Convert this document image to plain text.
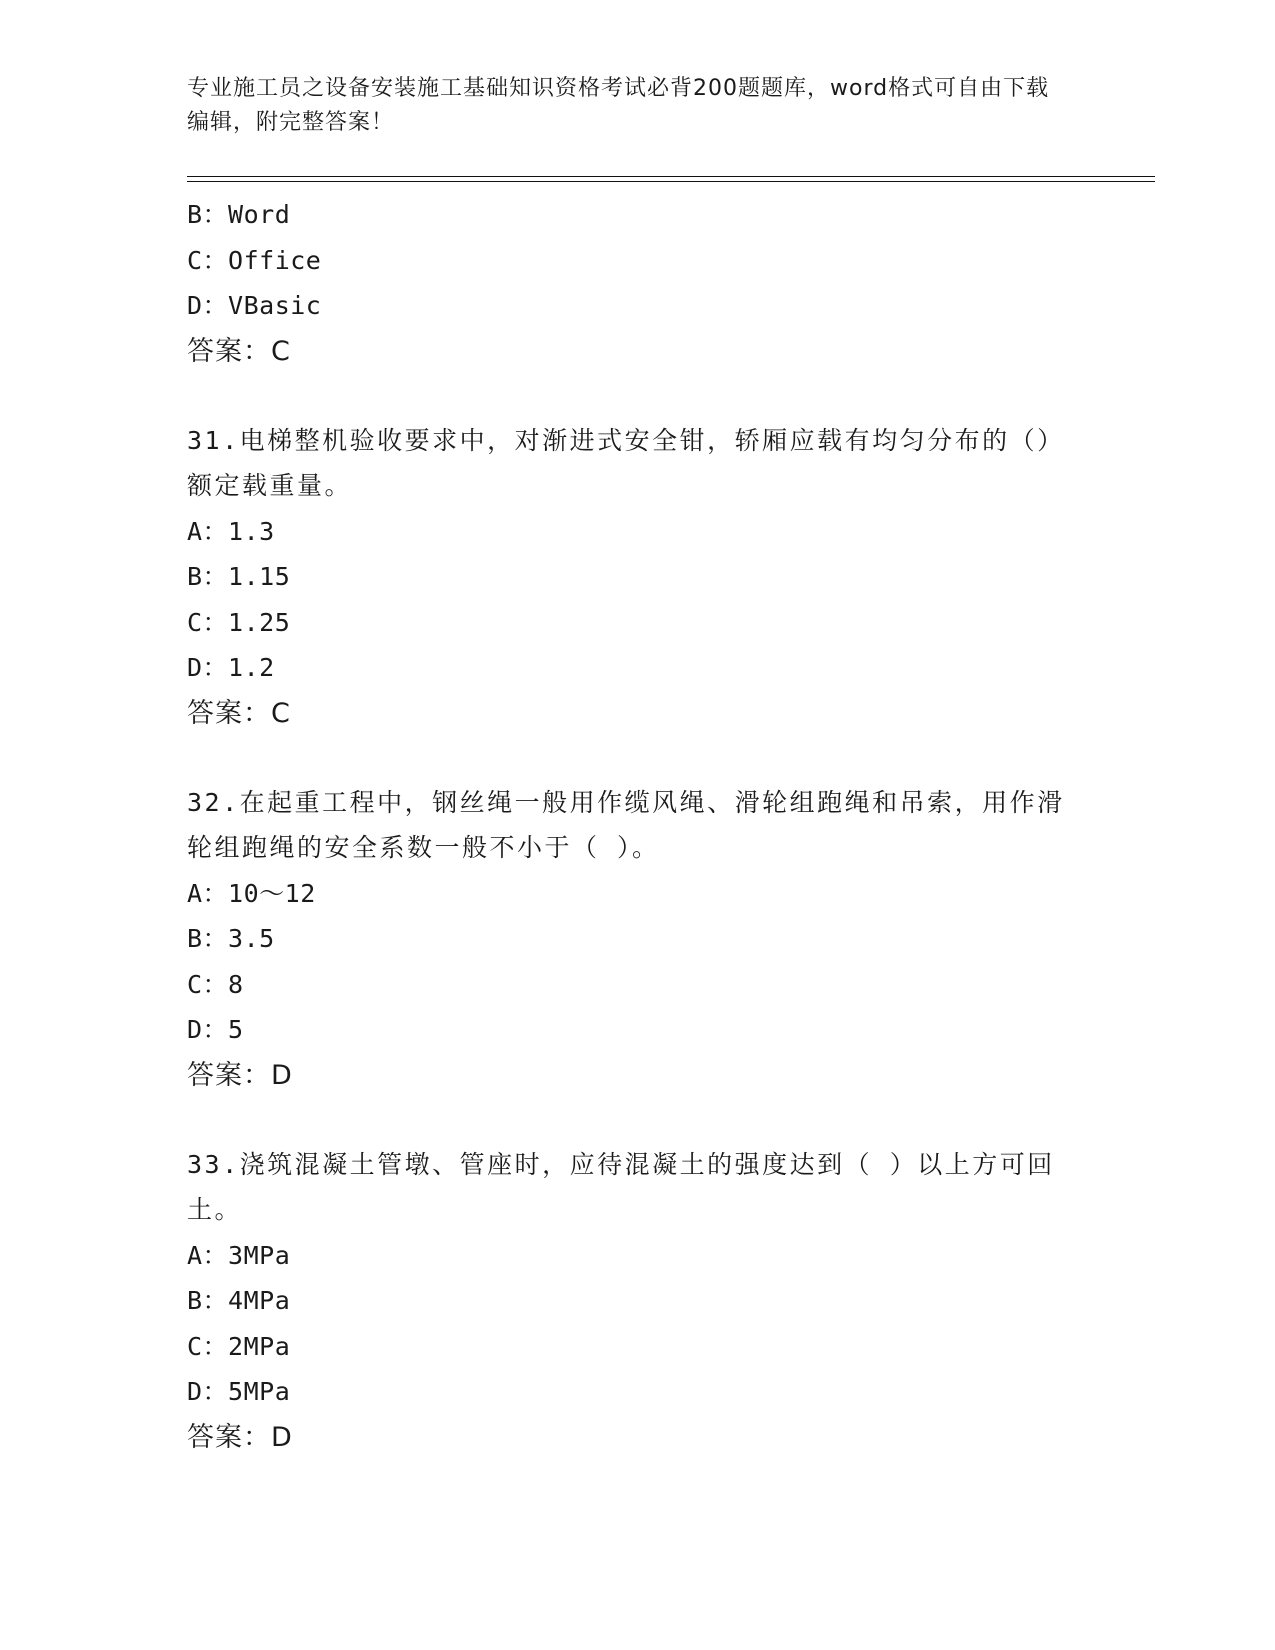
专业施工员之设备安装施工基础知识资格考试必背200题题库，word格式可自由下载编辑，附完整答案！
B：Word
C：Office
D：VBasic
答案：C
31.电梯整机验收要求中，对渐进式安全钳，轿厢应载有均匀分布的（）额定载重量。
A：1.3
B：1.15
C：1.25
D：1.2
答案：C
32.在起重工程中，钢丝绳一般用作缆风绳、滑轮组跑绳和吊索，用作滑轮组跑绳的安全系数一般不小于（ ）。
A：10～12
B：3.5
C：8
D：5
答案：D
33.浇筑混凝土管墩、管座时，应待混凝土的强度达到（ ）以上方可回土。
A：3MPa
B：4MPa
C：2MPa
D：5MPa
答案：D
